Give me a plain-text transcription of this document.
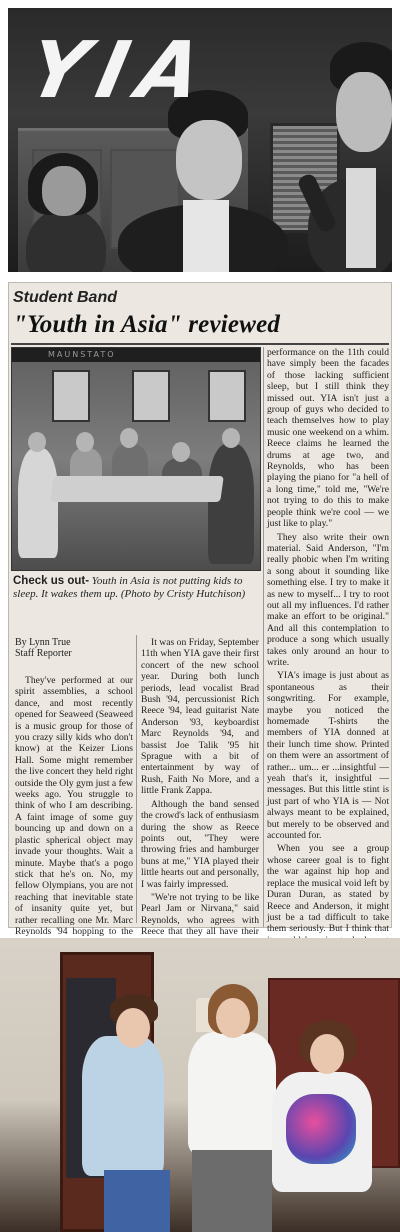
YIA
Student Band
"Youth in Asia" reviewed
MAUNSTATO
Check us out- Youth in Asia is not putting kids to sleep. It wakes them up. (Photo by Cristy Hutchison)
By Lynn True
Staff Reporter

They've performed at our spirit assemblies, a school dance, and most recently opened for Seaweed (Seaweed is a music group for those of you crazy silly kids who don't know) at the Keizer Lions Hall. Some might remember the live concert they held right outside the Oly gym just a few weeks ago. You struggle to think of who I am describing. A faint image of some guy bouncing up and down on a plastic spherical object may invade your thoughts. Wait a minute. Maybe that's a pogo stick that he's on. No, my fellow Olympians, you are not reaching that inevitable state of insanity quite yet, but rather recalling one Mr. Marc Reynolds '94 hopping to the

It was on Friday, September 11th when YIA gave their first concert of the new school year. During both lunch periods, lead vocalist Brad Bush '94, percussionist Rich Reece '94, lead guitarist Nate Anderson '93, keyboardist Marc Reynolds '94, and bassist Joe Talik '95 hit Sprague with a bit of entertainment by way of Rush, Faith No More, and a little Frank Zappa.

Although the band sensed the crowd's lack of enthusiasm during the show as Reece points out, "They were throwing fries and hamburger buns at me," YIA played their little hearts out and personally, I was fairly impressed.

"We're not trying to be like Pearl Jam or Nirvana," said Reynolds, who agrees with Reece that they all have their

performance on the 11th could have simply been the facades of those lacking sufficient sleep, but I still think they missed out. YIA isn't just a group of guys who decided to teach themselves how to play music one weekend on a whim. Reece claims he learned the drums at age two, and Reynolds, who has been playing the piano for "a hell of a long time," told me, "We're not trying to do this to make people think we're cool — we just like to play."

They also write their own material. Said Anderson, "I'm really phobic when I'm writing a song about it sounding like something else. I try to make it as new to myself... I try to root out all my influences. I'd rather make an effort to be original." And all this contemplation to produce a song which usually takes only around an hour to write.

YIA's image is just about as spontaneous as their songwriting. For example, maybe you noticed the homemade T-shirts the members of YIA donned at their lunch time show. Printed on them were an assortment of rather... um... er ...insightful — yeah that's it, insightful — messages. But this little stint is just part of who YIA is — Not always meant to be explained, but merely to be observed and accounted for.

When you see a group whose career goal is to fight the war against hip hop and replace the musical void left by Duran Duran, as stated by Reece and Anderson, it might just be a tad difficult to take them seriously. But I think that
